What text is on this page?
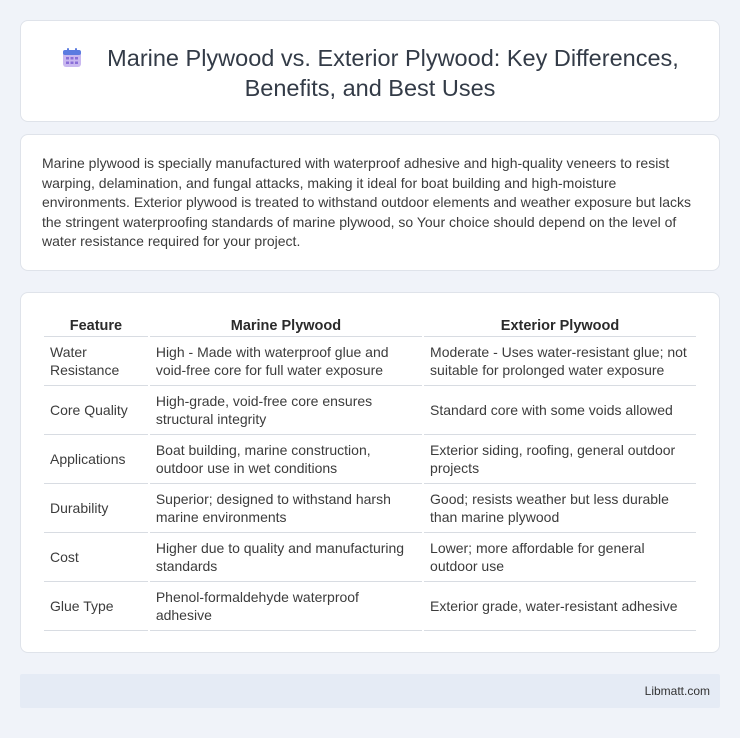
Marine Plywood vs. Exterior Plywood: Key Differences,
Benefits, and Best Uses

Marine plywood is specially manufactured with waterproof adhesive and high-quality veneers to resist warping, delamination, and fungal attacks, making it ideal for boat building and high-moisture environments. Exterior plywood is treated to withstand outdoor elements and weather exposure but lacks the stringent waterproofing standards of marine plywood, so Your choice should depend on the level of water resistance required for your project.

Feature	Marine Plywood	Exterior Plywood
Water Resistance	High - Made with waterproof glue and void-free core for full water exposure	Moderate - Uses water-resistant glue; not suitable for prolonged water exposure
Core Quality	High-grade, void-free core ensures structural integrity	Standard core with some voids allowed
Applications	Boat building, marine construction, outdoor use in wet conditions	Exterior siding, roofing, general outdoor projects
Durability	Superior; designed to withstand harsh marine environments	Good; resists weather but less durable than marine plywood
Cost	Higher due to quality and manufacturing standards	Lower; more affordable for general outdoor use
Glue Type	Phenol-formaldehyde waterproof adhesive	Exterior grade, water-resistant adhesive
Libmatt.com
